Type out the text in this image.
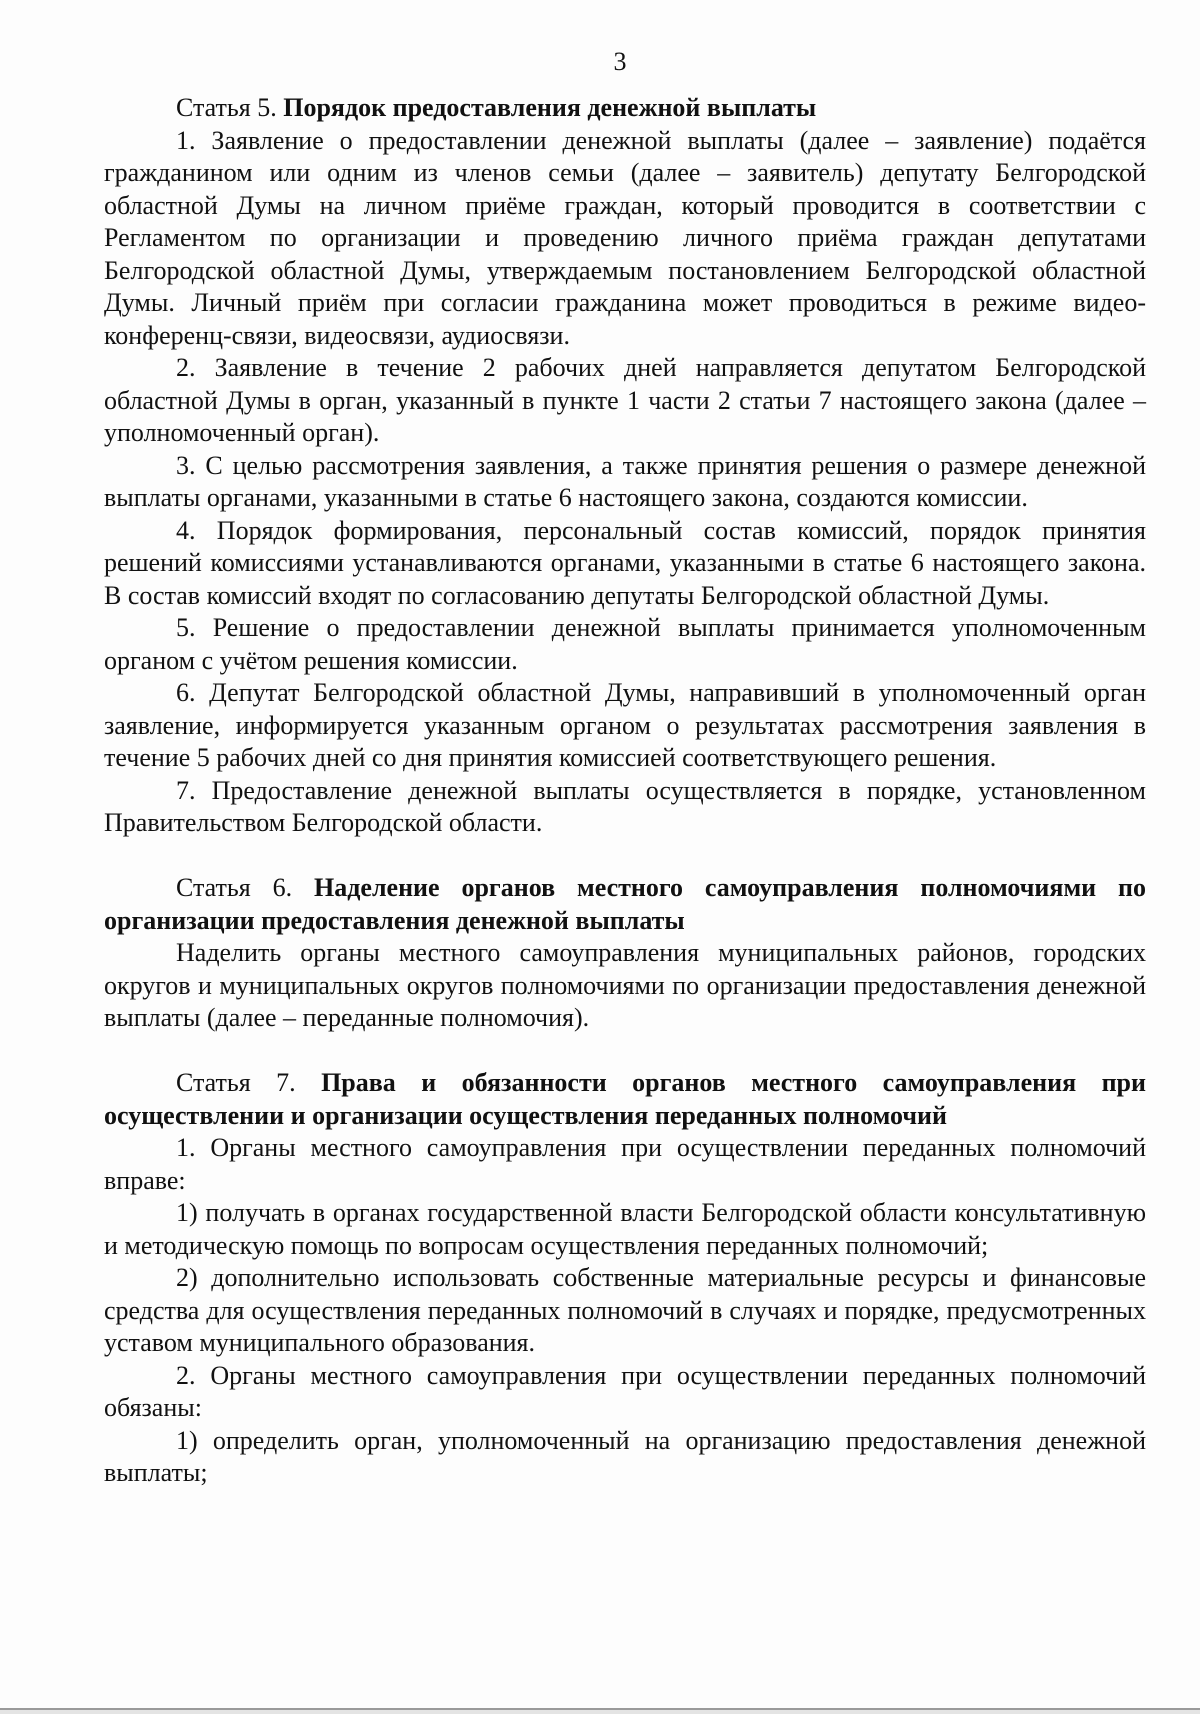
3
Статья 5. Порядок предоставления денежной выплаты

1. Заявление о предоставлении денежной выплаты (далее – заявление) подаётся гражданином или одним из членов семьи (далее – заявитель) депутату Белгородской областной Думы на личном приёме граждан, который проводится в соответствии с Регламентом по организации и проведению личного приёма граждан депутатами Белгородской областной Думы, утверждаемым постановлением Белгородской областной Думы. Личный приём при согласии гражданина может проводиться в режиме видео-конференц-связи, видеосвязи, аудиосвязи.

2. Заявление в течение 2 рабочих дней направляется депутатом Белгородской областной Думы в орган, указанный в пункте 1 части 2 статьи 7 настоящего закона (далее – уполномоченный орган).

3. С целью рассмотрения заявления, а также принятия решения о размере денежной выплаты органами, указанными в статье 6 настоящего закона, создаются комиссии.

4. Порядок формирования, персональный состав комиссий, порядок принятия решений комиссиями устанавливаются органами, указанными в статье 6 настоящего закона. В состав комиссий входят по согласованию депутаты Белгородской областной Думы.

5. Решение о предоставлении денежной выплаты принимается уполномоченным органом с учётом решения комиссии.

6. Депутат Белгородской областной Думы, направивший в уполномоченный орган заявление, информируется указанным органом о результатах рассмотрения заявления в течение 5 рабочих дней со дня принятия комиссией соответствующего решения.

7. Предоставление денежной выплаты осуществляется в порядке, установленном Правительством Белгородской области.

Статья 6. Наделение органов местного самоуправления полномочиями по организации предоставления денежной выплаты

Наделить органы местного самоуправления муниципальных районов, городских округов и муниципальных округов полномочиями по организации предоставления денежной выплаты (далее – переданные полномочия).

Статья 7. Права и обязанности органов местного самоуправления при осуществлении и организации осуществления переданных полномочий

1. Органы местного самоуправления при осуществлении переданных полномочий вправе:

1) получать в органах государственной власти Белгородской области консультативную и методическую помощь по вопросам осуществления переданных полномочий;

2) дополнительно использовать собственные материальные ресурсы и финансовые средства для осуществления переданных полномочий в случаях и порядке, предусмотренных уставом муниципального образования.

2. Органы местного самоуправления при осуществлении переданных полномочий обязаны:

1) определить орган, уполномоченный на организацию предоставления денежной выплаты;
